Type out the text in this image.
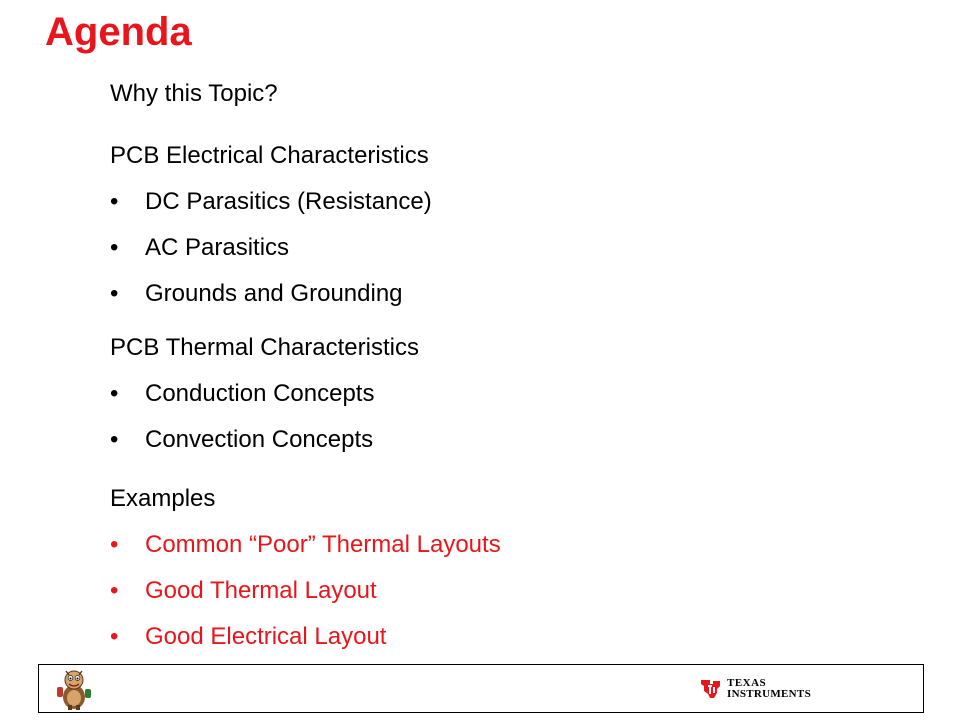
Agenda
Why this Topic?
PCB Electrical Characteristics
• DC Parasitics (Resistance)
• AC Parasitics
• Grounds and Grounding
PCB Thermal Characteristics
• Conduction Concepts
• Convection Concepts
Examples
• Common “Poor” Thermal Layouts
• Good Thermal Layout
• Good Electrical Layout
TEXAS
INSTRUMENTS
